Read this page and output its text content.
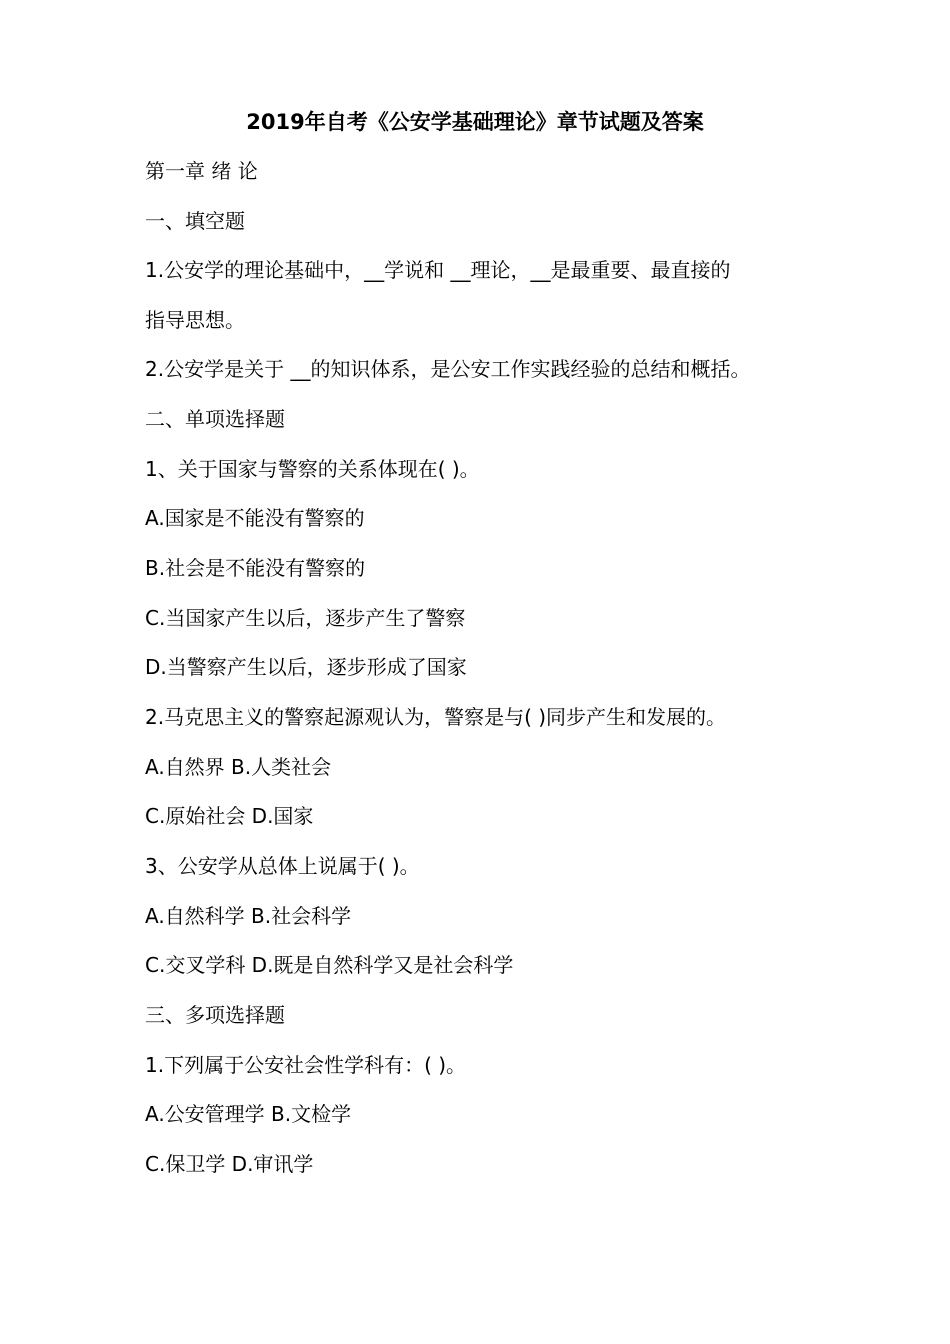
2019年自考《公安学基础理论》章节试题及答案
第一章 绪 论
一、填空题
1.公安学的理论基础中，__学说和 __理论，__是最重要、最直接的
指导思想。
2.公安学是关于 __的知识体系，是公安工作实践经验的总结和概括。
二、单项选择题
1、关于国家与警察的关系体现在( )。
A.国家是不能没有警察的
B.社会是不能没有警察的
C.当国家产生以后，逐步产生了警察
D.当警察产生以后，逐步形成了国家
2.马克思主义的警察起源观认为，警察是与( )同步产生和发展的。
A.自然界 B.人类社会
C.原始社会 D.国家
3、公安学从总体上说属于( )。
A.自然科学 B.社会科学
C.交叉学科 D.既是自然科学又是社会科学
三、多项选择题
1.下列属于公安社会性学科有：( )。
A.公安管理学 B.文检学
C.保卫学 D.审讯学
